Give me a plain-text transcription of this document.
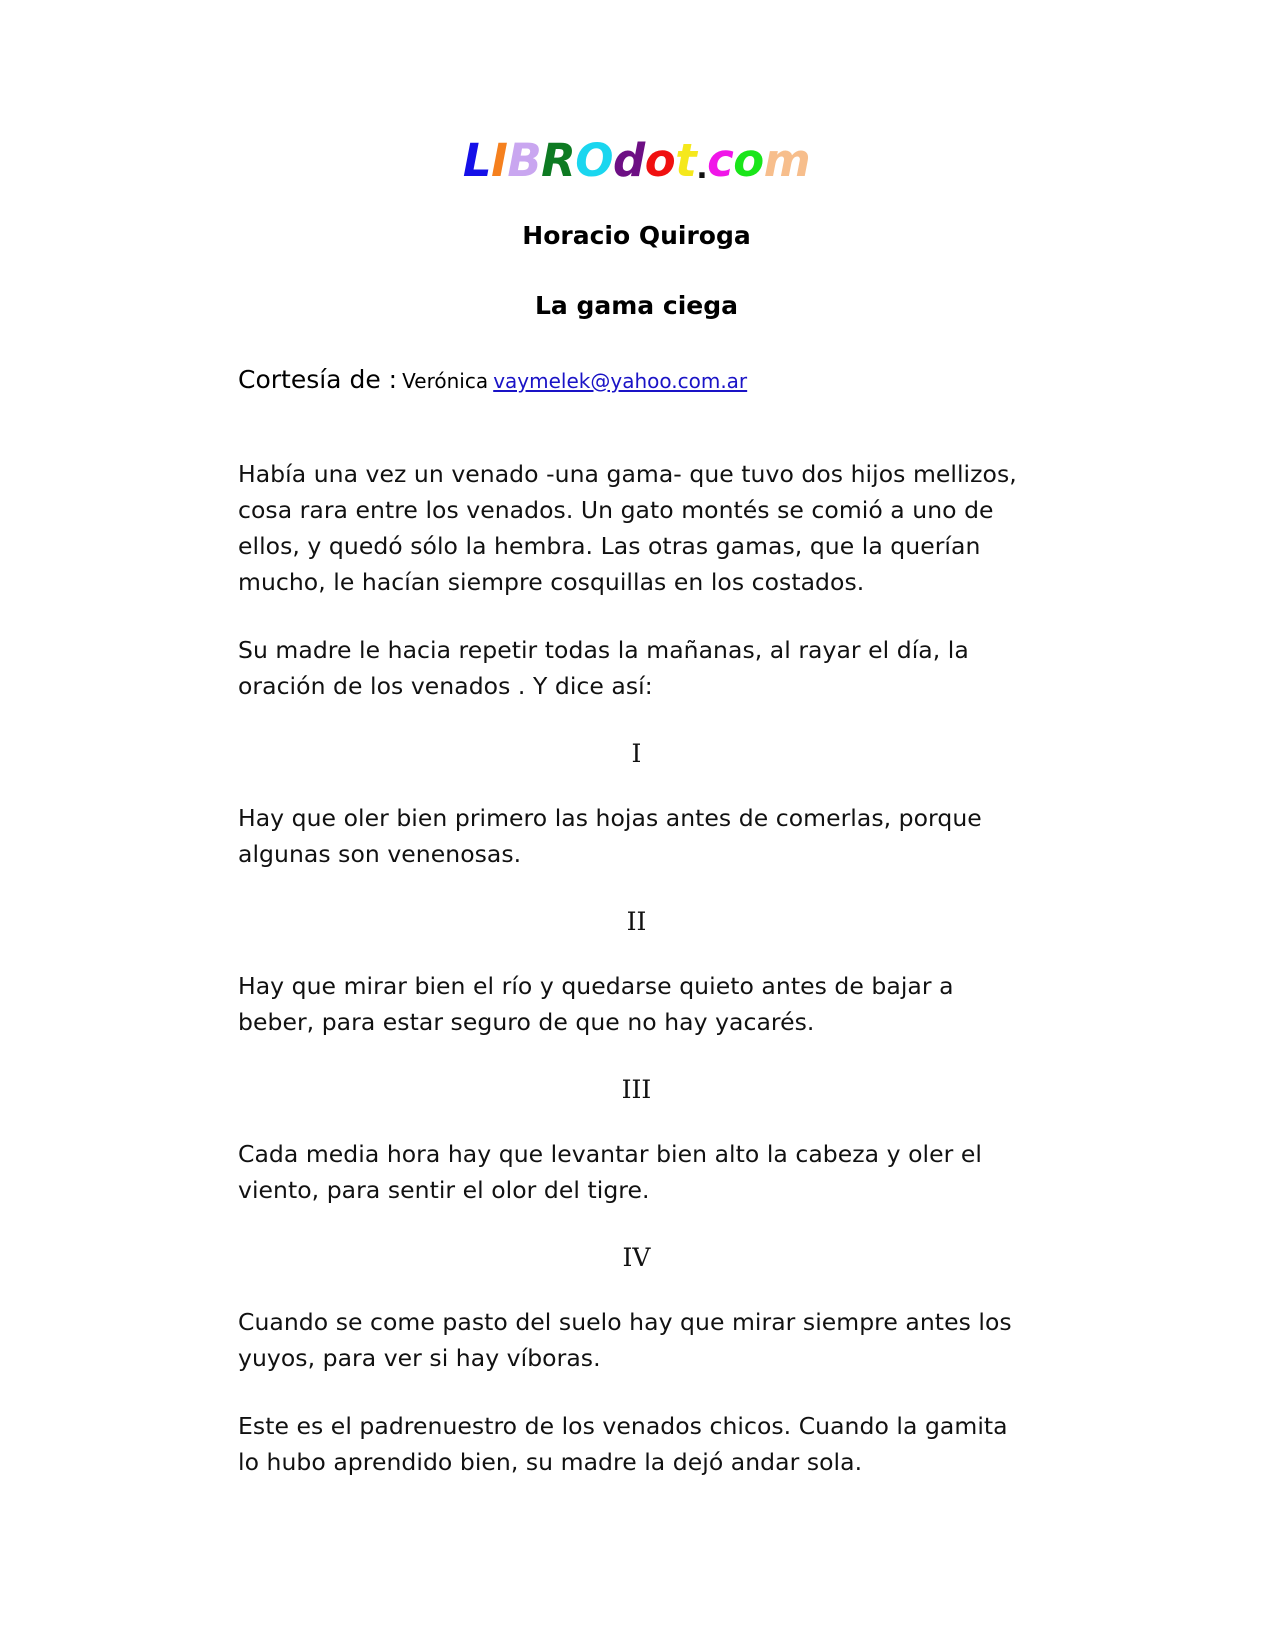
LIBROdot.com
Horacio Quiroga
La gama ciega

Cortesía de : Verónica vaymelek@yahoo.com.ar

Había una vez un venado -una gama- que tuvo dos hijos mellizos, cosa rara entre los venados. Un gato montés se comió a uno de ellos, y quedó sólo la hembra. Las otras gamas, que la querían mucho, le hacían siempre cosquillas en los costados.

Su madre le hacia repetir todas la mañanas, al rayar el día, la oración de los venados . Y dice así:

I

Hay que oler bien primero las hojas antes de comerlas, porque algunas son venenosas.

II

Hay que mirar bien el río y quedarse quieto antes de bajar a beber, para estar seguro de que no hay yacarés.

III

Cada media hora hay que levantar bien alto la cabeza y oler el viento, para sentir el olor del tigre.

IV

Cuando se come pasto del suelo hay que mirar siempre antes los yuyos, para ver si hay víboras.

Este es el padrenuestro de los venados chicos. Cuando la gamita lo hubo aprendido bien, su madre la dejó andar sola.
